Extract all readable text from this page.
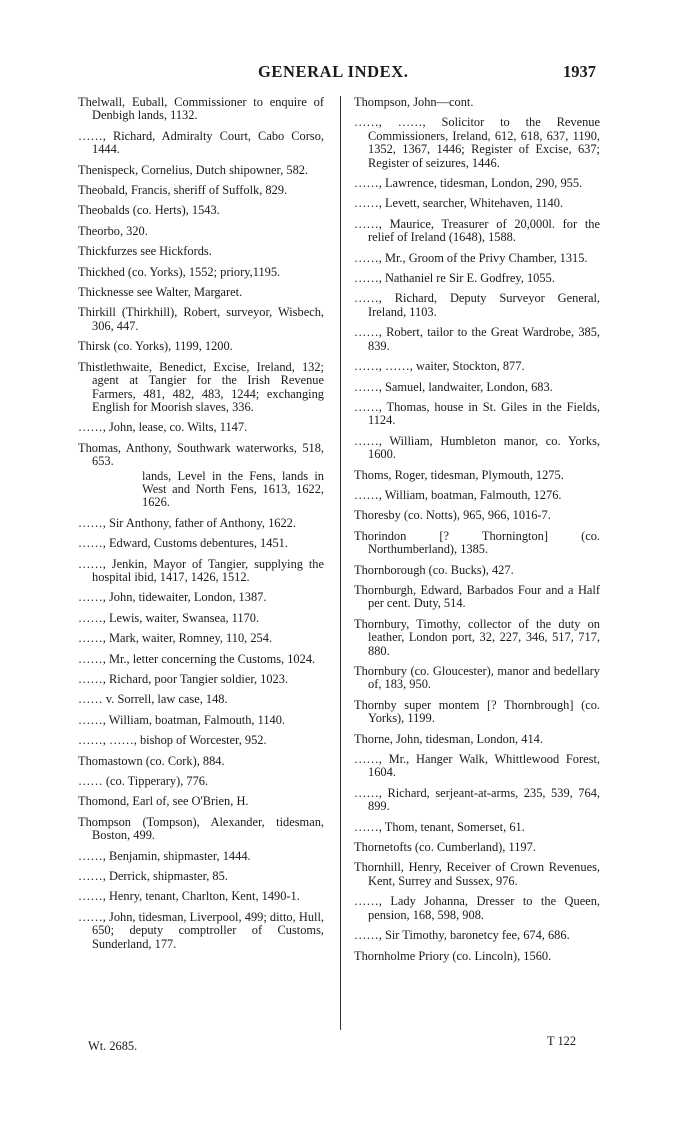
GENERAL INDEX.	1937
Thelwall, Euball, Commissioner to enquire of Denbigh lands, 1132.
……, Richard, Admiralty Court, Cabo Corso, 1444.
Thenispeck, Cornelius, Dutch shipowner, 582.
Theobald, Francis, sheriff of Suffolk, 829.
Theobalds (co. Herts), 1543.
Theorbo, 320.
Thickfurzes see Hickfords.
Thickhed (co. Yorks), 1552; priory,1195.
Thicknesse see Walter, Margaret.
Thirkill (Thirkhill), Robert, surveyor, Wisbech, 306, 447.
Thirsk (co. Yorks), 1199, 1200.
Thistlethwaite, Benedict, Excise, Ireland, 132; agent at Tangier for the Irish Revenue Farmers, 481, 482, 483, 1244; exchanging English for Moorish slaves, 336.
……, John, lease, co. Wilts, 1147.
Thomas, Anthony, Southwark waterworks, 518, 653.
lands, Level in the Fens, lands in West and North Fens, 1613, 1622, 1626.
……, Sir Anthony, father of Anthony, 1622.
……, Edward, Customs debentures, 1451.
……, Jenkin, Mayor of Tangier, supplying the hospital ibid, 1417, 1426, 1512.
……, John, tidewaiter, London, 1387.
……, Lewis, waiter, Swansea, 1170.
……, Mark, waiter, Romney, 110, 254.
……, Mr., letter concerning the Customs, 1024.
……, Richard, poor Tangier soldier, 1023.
…… v. Sorrell, law case, 148.
……, William, boatman, Falmouth, 1140.
……, ……, bishop of Worcester, 952.
Thomastown (co. Cork), 884.
…… (co. Tipperary), 776.
Thomond, Earl of, see O'Brien, H.
Thompson (Tompson), Alexander, tidesman, Boston, 499.
……, Benjamin, shipmaster, 1444.
……, Derrick, shipmaster, 85.
……, Henry, tenant, Charlton, Kent, 1490-1.
……, John, tidesman, Liverpool, 499; ditto, Hull, 650; deputy comptroller of Customs, Sunderland, 177.
Thompson, John—cont.
……, ……, Solicitor to the Revenue Commissioners, Ireland, 612, 618, 637, 1190, 1352, 1367, 1446; Register of Excise, 637; Register of seizures, 1446.
……, Lawrence, tidesman, London, 290, 955.
……, Levett, searcher, Whitehaven, 1140.
……, Maurice, Treasurer of 20,000l. for the relief of Ireland (1648), 1588.
……, Mr., Groom of the Privy Chamber, 1315.
……, Nathaniel re Sir E. Godfrey, 1055.
……, Richard, Deputy Surveyor General, Ireland, 1103.
……, Robert, tailor to the Great Wardrobe, 385, 839.
……, ……, waiter, Stockton, 877.
……, Samuel, landwaiter, London, 683.
……, Thomas, house in St. Giles in the Fields, 1124.
……, William, Humbleton manor, co. Yorks, 1600.
Thoms, Roger, tidesman, Plymouth, 1275.
……, William, boatman, Falmouth, 1276.
Thoresby (co. Notts), 965, 966, 1016-7.
Thorindon [? Thornington] (co. Northumberland), 1385.
Thornborough (co. Bucks), 427.
Thornburgh, Edward, Barbados Four and a Half per cent. Duty, 514.
Thornbury, Timothy, collector of the duty on leather, London port, 32, 227, 346, 517, 717, 880.
Thornbury (co. Gloucester), manor and bedellary of, 183, 950.
Thornby super montem [? Thornbrough] (co. Yorks), 1199.
Thorne, John, tidesman, London, 414.
……, Mr., Hanger Walk, Whittlewood Forest, 1604.
……, Richard, serjeant-at-arms, 235, 539, 764, 899.
……, Thom, tenant, Somerset, 61.
Thornetofts (co. Cumberland), 1197.
Thornhill, Henry, Receiver of Crown Revenues, Kent, Surrey and Sussex, 976.
……, Lady Johanna, Dresser to the Queen, pension, 168, 598, 908.
……, Sir Timothy, baronetcy fee, 674, 686.
Thornholme Priory (co. Lincoln), 1560.
Wt. 2685.	T 122
